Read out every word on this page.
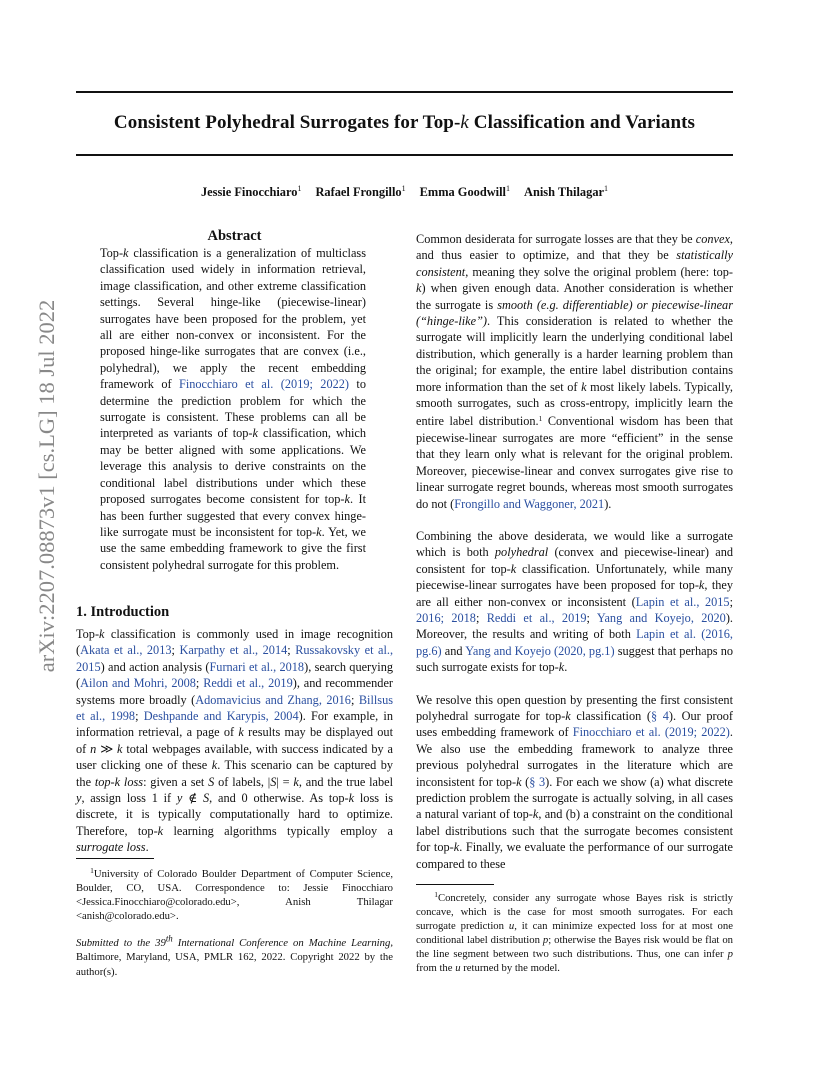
Consistent Polyhedral Surrogates for Top-k Classification and Variants
Jessie Finocchiaro$^1$ Rafael Frongillo$^1$ Emma Goodwill$^1$ Anish Thilagar$^1$
arXiv:2207.08873v1 [cs.LG] 18 Jul 2022
Abstract

Top-k classification is a generalization of multiclass classification used widely in information retrieval, image classification, and other extreme classification settings. Several hinge-like (piecewise-linear) surrogates have been proposed for the problem, yet all are either non-convex or inconsistent. For the proposed hinge-like surrogates that are convex (i.e., polyhedral), we apply the recent embedding framework of Finocchiaro et al. (2019; 2022) to determine the prediction problem for which the surrogate is consistent. These problems can all be interpreted as variants of top-k classification, which may be better aligned with some applications. We leverage this analysis to derive constraints on the conditional label distributions under which these proposed surrogates become consistent for top-k. It has been further suggested that every convex hinge-like surrogate must be inconsistent for top-k. Yet, we use the same embedding framework to give the first consistent polyhedral surrogate for this problem.

1. Introduction

Top-k classification is commonly used in image recognition (Akata et al., 2013; Karpathy et al., 2014; Russakovsky et al., 2015) and action analysis (Furnari et al., 2018), search querying (Ailon and Mohri, 2008; Reddi et al., 2019), and recommender systems more broadly (Adomavicius and Zhang, 2016; Billsus et al., 1998; Deshpande and Karypis, 2004). For example, in information retrieval, a page of k results may be displayed out of n ≫ k total webpages available, with success indicated by a user clicking one of these k. This scenario can be captured by the top-k loss: given a set S of labels, |S| = k, and the true label y, assign loss 1 if y ∉ S, and 0 otherwise. As top-k loss is discrete, it is typically computationally hard to optimize. Therefore, top-k learning algorithms typically employ a surrogate loss.

$^1$University of Colorado Boulder Department of Computer Science, Boulder, CO, USA. Correspondence to: Jessie Finocchiaro <Jessica.Finocchiaro@colorado.edu>, Anish Thilagar <anish@colorado.edu>.
Submitted to the 39th International Conference on Machine Learning, Baltimore, Maryland, USA, PMLR 162, 2022. Copyright 2022 by the author(s).

Common desiderata for surrogate losses are that they be convex, and thus easier to optimize, and that they be statistically consistent, meaning they solve the original problem (here: top-k) when given enough data. Another consideration is whether the surrogate is smooth (e.g. differentiable) or piecewise-linear (“hinge-like”). This consideration is related to whether the surrogate will implicitly learn the underlying conditional label distribution, which generally is a harder learning problem than the original; for example, the entire label distribution contains more information than the set of k most likely labels. Typically, smooth surrogates, such as cross-entropy, implicitly learn the entire label distribution.$^1$ Conventional wisdom has been that piecewise-linear surrogates are more “efficient” in the sense that they learn only what is relevant for the original problem. Moreover, piecewise-linear and convex surrogates give rise to linear surrogate regret bounds, whereas most smooth surrogates do not (Frongillo and Waggoner, 2021).

Combining the above desiderata, we would like a surrogate which is both polyhedral (convex and piecewise-linear) and consistent for top-k classification. Unfortunately, while many piecewise-linear surrogates have been proposed for top-k, they are all either non-convex or inconsistent (Lapin et al., 2015; 2016; 2018; Reddi et al., 2019; Yang and Koyejo, 2020). Moreover, the results and writing of both Lapin et al. (2016, pg.6) and Yang and Koyejo (2020, pg.1) suggest that perhaps no such surrogate exists for top-k.

We resolve this open question by presenting the first consistent polyhedral surrogate for top-k classification (§ 4). Our proof uses embedding framework of Finocchiaro et al. (2019; 2022). We also use the embedding framework to analyze three previous polyhedral surrogates in the literature which are inconsistent for top-k (§ 3). For each we show (a) what discrete prediction problem the surrogate is actually solving, in all cases a natural variant of top-k, and (b) a constraint on the conditional label distributions such that the surrogate becomes consistent for top-k. Finally, we evaluate the performance of our surrogate compared to these

$^1$Concretely, consider any surrogate whose Bayes risk is strictly concave, which is the case for most smooth surrogates. For each surrogate prediction u, it can minimize expected loss for at most one conditional label distribution p; otherwise the Bayes risk would be flat on the line segment between two such distributions. Thus, one can infer p from the u returned by the model.
